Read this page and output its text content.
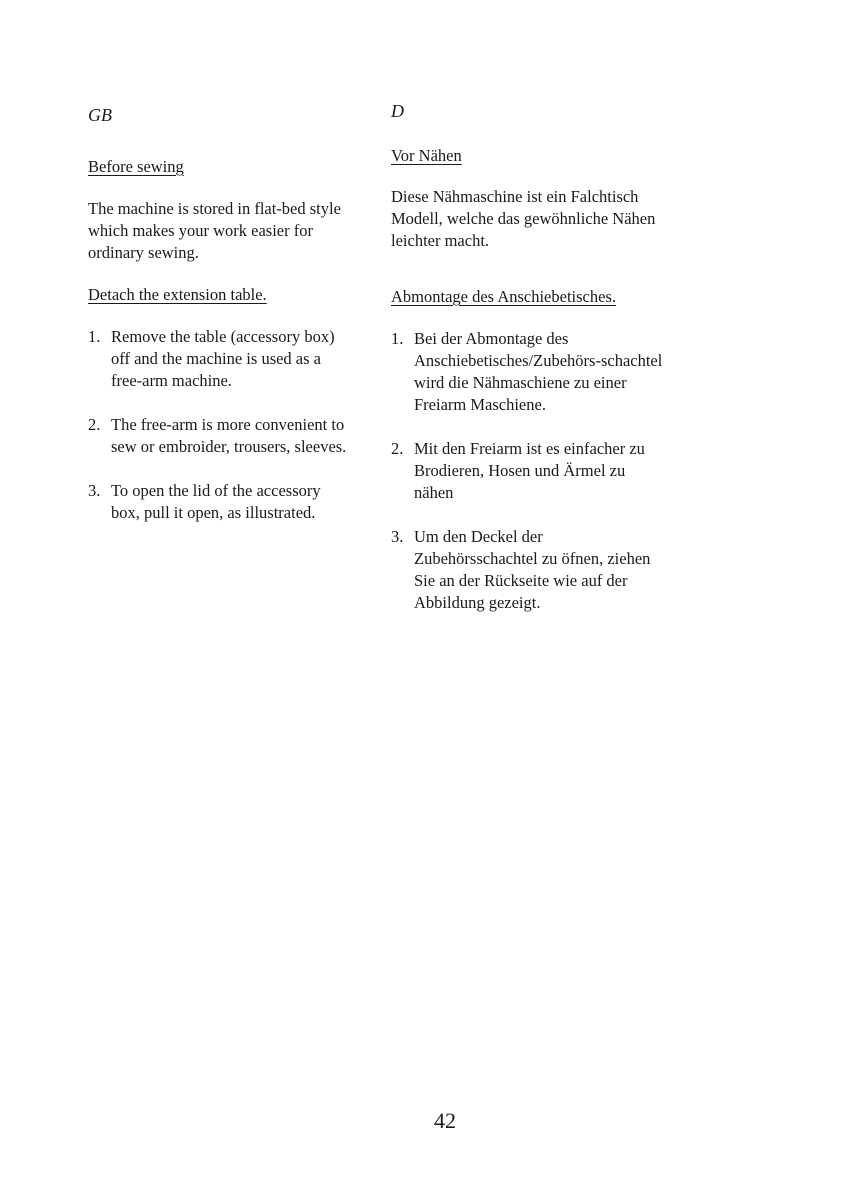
GB

Before sewing

The machine is stored in flat-bed style which makes your work easier for ordinary sewing.

Detach the extension table.

1. Remove the table (accessory box) off and the machine is used as a free-arm machine.
2. The free-arm is more convenient to sew or embroider, trousers, sleeves.
3. To open the lid of the accessory box, pull it open, as illustrated.

D

Vor Nähen

Diese Nähmaschine ist ein Falchtisch Modell, welche das gewöhnliche Nähen leichter macht.

Abmontage des Anschiebetisches.

1. Bei der Abmontage des Anschiebetisches/Zubehörs-schachtel wird die Nähmaschiene zu einer Freiarm Maschiene.
2. Mit den Freiarm ist es einfacher zu Brodieren, Hosen und Ärmel zu nähen
3. Um den Deckel der Zubehörsschachtel zu öfnen, ziehen Sie an der Rückseite wie auf der Abbildung gezeigt.

42
